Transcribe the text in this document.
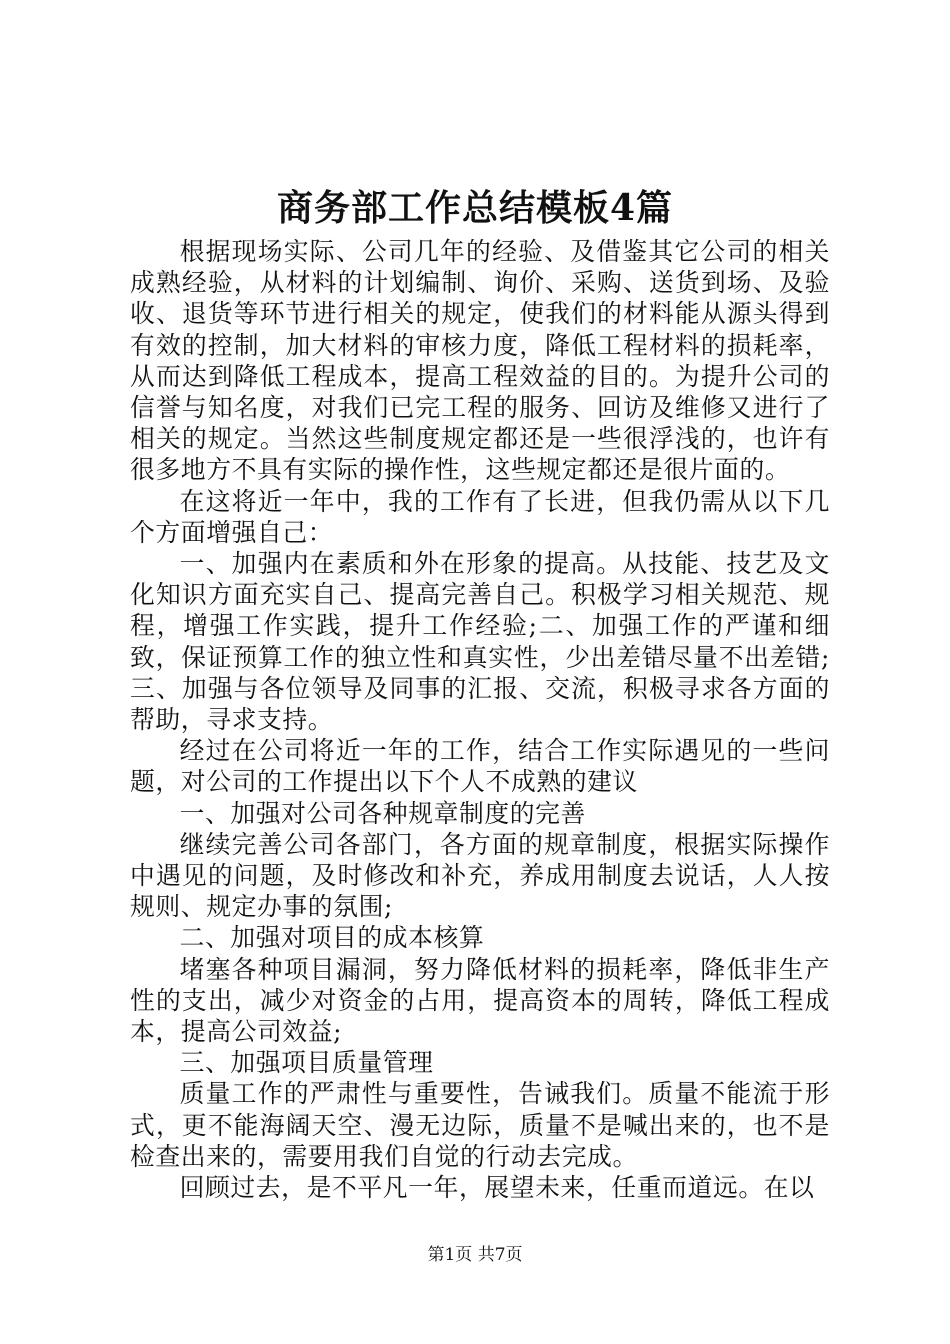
商务部工作总结模板4篇

根据现场实际、公司几年的经验、及借鉴其它公司的相关成熟经验，从材料的计划编制、询价、采购、送货到场、及验收、退货等环节进行相关的规定，使我们的材料能从源头得到有效的控制，加大材料的审核力度，降低工程材料的损耗率，从而达到降低工程成本，提高工程效益的目的。为提升公司的信誉与知名度，对我们已完工程的服务、回访及维修又进行了相关的规定。当然这些制度规定都还是一些很浮浅的，也许有很多地方不具有实际的操作性，这些规定都还是很片面的。

在这将近一年中，我的工作有了长进，但我仍需从以下几个方面增强自己：

一、加强内在素质和外在形象的提高。从技能、技艺及文化知识方面充实自己、提高完善自己。积极学习相关规范、规程，增强工作实践，提升工作经验;二、加强工作的严谨和细致，保证预算工作的独立性和真实性，少出差错尽量不出差错;三、加强与各位领导及同事的汇报、交流，积极寻求各方面的帮助，寻求支持。

经过在公司将近一年的工作，结合工作实际遇见的一些问题，对公司的工作提出以下个人不成熟的建议

一、加强对公司各种规章制度的完善

继续完善公司各部门，各方面的规章制度，根据实际操作中遇见的问题，及时修改和补充，养成用制度去说话，人人按规则、规定办事的氛围;

二、加强对项目的成本核算

堵塞各种项目漏洞，努力降低材料的损耗率，降低非生产性的支出，减少对资金的占用，提高资本的周转，降低工程成本，提高公司效益;

三、加强项目质量管理

质量工作的严肃性与重要性，告诫我们。质量不能流于形式，更不能海阔天空、漫无边际，质量不是喊出来的，也不是检查出来的，需要用我们自觉的行动去完成。

回顾过去，是不平凡一年，展望未来，任重而道远。在以

第1页 共7页
